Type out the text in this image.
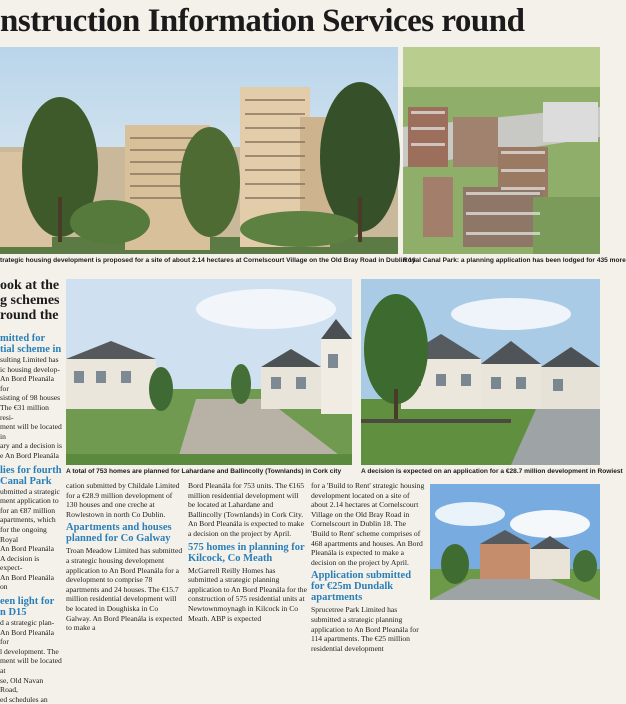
nstruction Information Services round
trategic housing development is proposed for a site of about 2.14 hectares at Cornelscourt Village on the Old Bray Road in Dublin 18
Royal Canal Park: a planning application has been lodged for 435 more
ook at the
g schemes
round the
mitted for
tial scheme in
sulting Limited has
ic housing develop-
An Bord Pleanála for
sisting of 98 houses
The €31 million resi-
ment will be located in
ary and a decision is
e An Bord Pleanála
lies for fourth
Canal Park
ubmitted a strategic
ment application to
for an €87 million
apartments, which
for the ongoing Royal
An Bord Pleanála
A decision is expect-
An Bord Pleanála on
een light for
n D15
d a strategic plan-
An Bord Pleanála for
l development. The
ment will be located at
se, Old Navan Road,
ed schedules an
A total of 753 homes are planned for Lahardane and Ballincolly (Townlands) in Cork city	A decision is expected on an application for a €28.7 million development in Rowiest

cation submitted by Childale Limited for a €28.9 million development of 130 houses and one creche at Rowlestown in north Co Dublin.

Apartments and houses planned for Co Galway

Troan Meadow Limited has submitted a strategic housing development application to An Bord Pleanála for a development to comprise 78 apartments and 24 houses. The €15.7 million residential development will be located in Doughiska in Co Galway. An Bord Pleanála is expected to make a

Bord Pleanála for 753 units. The €165 million residential development will be located at Lahardane and Ballincolly (Townlands) in Cork City. An Bord Pleanála is expected to make a decision on the project by April.

575 homes in planning for Kilcock, Co Meath

McGarrell Reilly Homes has submitted a strategic planning application to An Bord Pleanála for the construction of 575 residential units at Newtownmoynagh in Kilcock in Co Meath. ABP is expected

for a 'Build to Rent' strategic housing development located on a site of about 2.14 hectares at Cornelscourt Village on the Old Bray Road in Cornelscourt in Dublin 18. The 'Build to Rent' scheme comprises of 468 apartments and houses. An Bord Pleanála is expected to make a decision on the project by April.

Application submitted for €25m Dundalk apartments

Sprucetree Park Limited has submitted a strategic planning application to An Bord Pleanála for 114 apartments. The €25 million residential development
